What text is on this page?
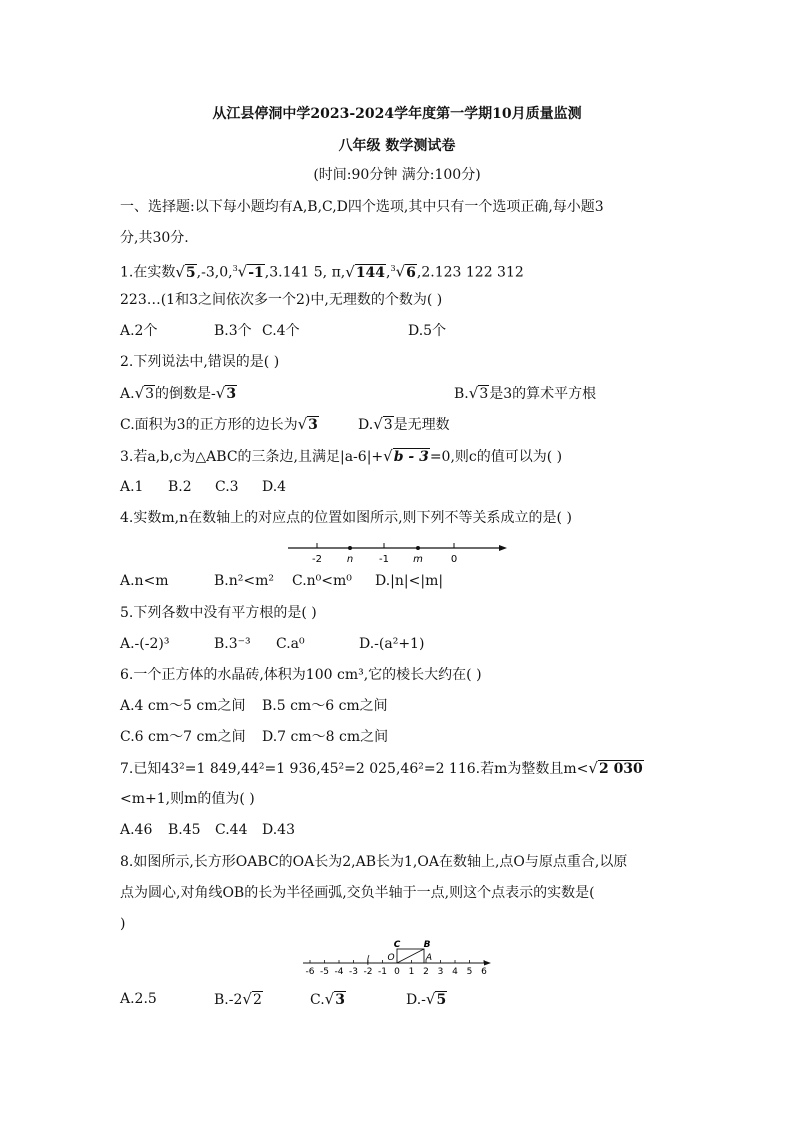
从江县停洞中学2023-2024学年度第一学期10月质量监测
八年级 数学测试卷
(时间:90分钟 满分:100分)
一、选择题:以下每小题均有A,B,C,D四个选项,其中只有一个选项正确,每小题3
分,共30分.
1.在实数√5,-3,0,$^3$√-1,3.141 5, π,√144,$^3$√6,2.123 122 312
223…(1和3之间依次多一个2)中,无理数的个数为( )
A.2个	B.3个 C.4个	D.5个
2.下列说法中,错误的是( )
A.√3的倒数是-√3	B.√3是3的算术平方根
C.面积为3的正方形的边长为√3	D.√3是无理数
3.若a,b,c为△ABC的三条边,且满足|a-6|+√b - 3=0,则c的值可以为( )
A.1 B.2 C.3 D.4
4.实数m,n在数轴上的对应点的位置如图所示,则下列不等关系成立的是( )
-2 n	-1 m	0
A.n<m	B.n²<m² C.n⁰<m⁰ D.|n|<|m|
5.下列各数中没有平方根的是( )
A.-(-2)³	B.3⁻³ C.a⁰	D.-(a²+1)
6.一个正方体的水晶砖,体积为100 cm³,它的棱长大约在( )
A.4 cm～5 cm之间 B.5 cm～6 cm之间
C.6 cm～7 cm之间 D.7 cm～8 cm之间
7.已知43²=1 849,44²=1 936,45²=2 025,46²=2 116.若m为整数且m<√2 030
<m+1,则m的值为( )
A.46 B.45 C.44 D.43
8.如图所示,长方形OABC的OA长为2,AB长为1,OA在数轴上,点O与原点重合,以原
点为圆心,对角线OB的长为半径画弧,交负半轴于一点,则这个点表示的实数是(
)
-6 -5 -4 -3 -2 -1 0 1 2 3 4 5 6
C	B
O	A
A.2.5	B.-2√2	C.√3	D.-√5
